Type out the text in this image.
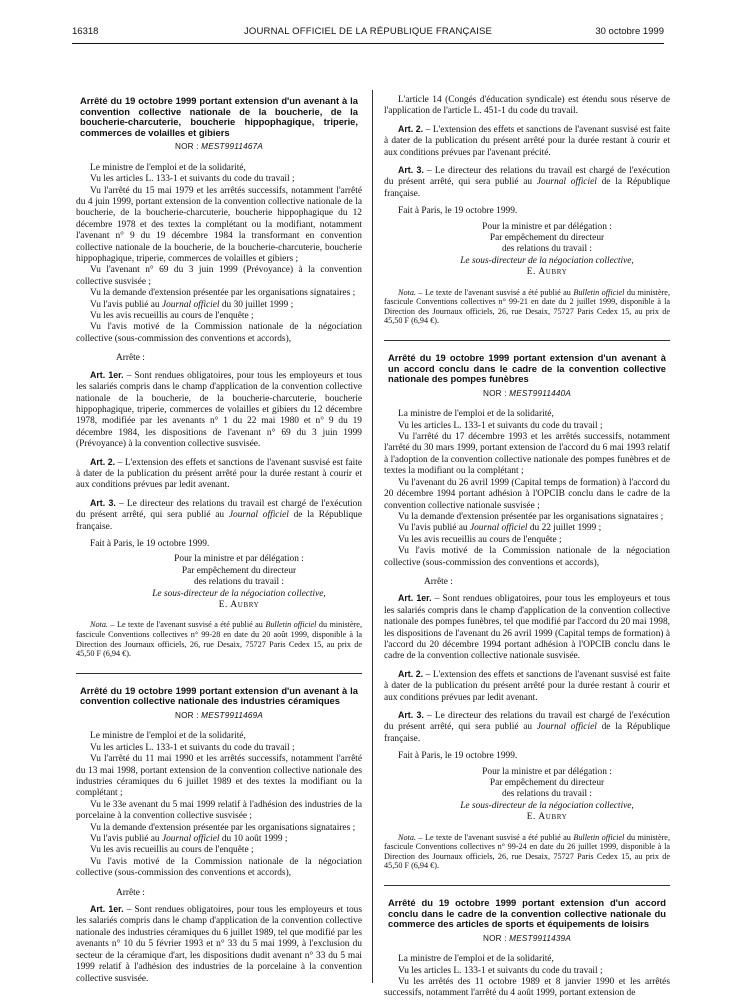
16318	JOURNAL OFFICIEL DE LA RÉPUBLIQUE FRANÇAISE	30 octobre 1999
Arrêté du 19 octobre 1999 portant extension d'un avenant à la convention collective nationale de la boucherie, de la boucherie-charcuterie, boucherie hippophagique, triperie, commerces de volailles et gibiers
NOR : MEST9911467A

Le ministre de l'emploi et de la solidarité,

Vu les articles L. 133-1 et suivants du code du travail ;

Vu l'arrêté du 15 mai 1979 et les arrêtés successifs, notamment l'arrêté du 4 juin 1999, portant extension de la convention collective nationale de la boucherie, de la boucherie-charcuterie, boucherie hippophagique du 12 décembre 1978 et des textes la complétant ou la modifiant, notamment l'avenant n° 9 du 19 décembre 1984 la transformant en convention collective nationale de la boucherie, de la boucherie-charcuterie, boucherie hippophagique, triperie, commerces de volailles et gibiers ;

Vu l'avenant n° 69 du 3 juin 1999 (Prévoyance) à la convention collective susvisée ;

Vu la demande d'extension présentée par les organisations signataires ;

Vu l'avis publié au Journal officiel du 30 juillet 1999 ;

Vu les avis recueillis au cours de l'enquête ;

Vu l'avis motivé de la Commission nationale de la négociation collective (sous-commission des conventions et accords),

Arrête :

Art. 1er. – Sont rendues obligatoires, pour tous les employeurs et tous les salariés compris dans le champ d'application de la convention collective nationale de la boucherie, de la boucherie-charcuterie, boucherie hippophagique, triperie, commerces de volailles et gibiers du 12 décembre 1978, modifiée par les avenants n° 1 du 22 mai 1980 et n° 9 du 19 décembre 1984, les dispositions de l'avenant n° 69 du 3 juin 1999 (Prévoyance) à la convention collective susvisée.

Art. 2. – L'extension des effets et sanctions de l'avenant susvisé est faite à dater de la publication du présent arrêté pour la durée restant à courir et aux conditions prévues par ledit avenant.

Art. 3. – Le directeur des relations du travail est chargé de l'exécution du présent arrêté, qui sera publié au Journal officiel de la République française.

Fait à Paris, le 19 octobre 1999.

Pour la ministre et par délégation :
Par empêchement du directeur
des relations du travail :
Le sous-directeur de la négociation collective,
E. Aubry

Nota. – Le texte de l'avenant susvisé a été publié au Bulletin officiel du ministère, fascicule Conventions collectives n° 99-28 en date du 20 août 1999, disponible à la Direction des Journaux officiels, 26, rue Desaix, 75727 Paris Cedex 15, au prix de 45,50 F (6,94 €).

Arrêté du 19 octobre 1999 portant extension d'un avenant à la convention collective nationale des industries céramiques
NOR : MEST9911469A

Le ministre de l'emploi et de la solidarité,

Vu les articles L. 133-1 et suivants du code du travail ;

Vu l'arrêté du 11 mai 1990 et les arrêtés successifs, notamment l'arrêté du 13 mai 1998, portant extension de la convention collective nationale des industries céramiques du 6 juillet 1989 et des textes la modifiant ou la complétant ;

Vu le 33e avenant du 5 mai 1999 relatif à l'adhésion des industries de la porcelaine à la convention collective susvisée ;

Vu la demande d'extension présentée par les organisations signataires ;

Vu l'avis publié au Journal officiel du 10 août 1999 ;

Vu les avis recueillis au cours de l'enquête ;

Vu l'avis motivé de la Commission nationale de la négociation collective (sous-commission des conventions et accords),

Arrête :

Art. 1er. – Sont rendues obligatoires, pour tous les employeurs et tous les salariés compris dans le champ d'application de la convention collective nationale des industries céramiques du 6 juillet 1989, tel que modifié par les avenants n° 10 du 5 février 1993 et n° 33 du 5 mai 1999, à l'exclusion du secteur de la céramique d'art, les dispositions dudit avenant n° 33 du 5 mai 1999 relatif à l'adhésion des industries de la porcelaine à la convention collective susvisée.

L'article 14 (Congés d'éducation syndicale) est étendu sous réserve de l'application de l'article L. 451-1 du code du travail.

Art. 2. – L'extension des effets et sanctions de l'avenant susvisé est faite à dater de la publication du présent arrêté pour la durée restant à courir et aux conditions prévues par l'avenant précité.

Art. 3. – Le directeur des relations du travail est chargé de l'exécution du présent arrêté, qui sera publié au Journal officiel de la République française.

Fait à Paris, le 19 octobre 1999.

Pour la ministre et par délégation :
Par empêchement du directeur
des relations du travail :
Le sous-directeur de la négociation collective,
E. Aubry

Nota. – Le texte de l'avenant susvisé a été publié au Bulletin officiel du ministère, fascicule Conventions collectives n° 99-21 en date du 2 juillet 1999, disponible à la Direction des Journaux officiels, 26, rue Desaix, 75727 Paris Cedex 15, au prix de 45,50 F (6,94 €).

Arrêté du 19 octobre 1999 portant extension d'un avenant à un accord conclu dans le cadre de la convention collective nationale des pompes funèbres
NOR : MEST9911440A

La ministre de l'emploi et de la solidarité,

Vu les articles L. 133-1 et suivants du code du travail ;

Vu l'arrêté du 17 décembre 1993 et les arrêtés successifs, notamment l'arrêté du 30 mars 1999, portant extension de l'accord du 6 mai 1993 relatif à l'adoption de la convention collective nationale des pompes funèbres et de textes la modifiant ou la complétant ;

Vu l'avenant du 26 avril 1999 (Capital temps de formation) à l'accord du 20 décembre 1994 portant adhésion à l'OPCIB conclu dans le cadre de la convention collective nationale susvisée ;

Vu la demande d'extension présentée par les organisations signataires ;

Vu l'avis publié au Journal officiel du 22 juillet 1999 ;

Vu les avis recueillis au cours de l'enquête ;

Vu l'avis motivé de la Commission nationale de la négociation collective (sous-commission des conventions et accords),

Arrête :

Art. 1er. – Sont rendues obligatoires, pour tous les employeurs et tous les salariés compris dans le champ d'application de la convention collective nationale des pompes funèbres, tel que modifié par l'accord du 20 mai 1998, les dispositions de l'avenant du 26 avril 1999 (Capital temps de formation) à l'accord du 20 décembre 1994 portant adhésion à l'OPCIB conclu dans le cadre de la convention collective nationale susvisée.

Art. 2. – L'extension des effets et sanctions de l'avenant susvisé est faite à dater de la publication du présent arrêté pour la durée restant à courir et aux conditions prévues par ledit avenant.

Art. 3. – Le directeur des relations du travail est chargé de l'exécution du présent arrêté, qui sera publié au Journal officiel de la République française.

Fait à Paris, le 19 octobre 1999.

Pour la ministre et par délégation :
Par empêchement du directeur
des relations du travail :
Le sous-directeur de la négociation collective,
E. Aubry

Nota. – Le texte de l'avenant susvisé a été publié au Bulletin officiel du ministère, fascicule Conventions collectives n° 99-24 en date du 26 juillet 1999, disponible à la Direction des Journaux officiels, 26, rue Desaix, 75727 Paris Cedex 15, au prix de 45,50 F (6,94 €).

Arrêté du 19 octobre 1999 portant extension d'un accord conclu dans le cadre de la convention collective nationale du commerce des articles de sports et équipements de loisirs
NOR : MEST9911439A

La ministre de l'emploi et de la solidarité,

Vu les articles L. 133-1 et suivants du code du travail ;

Vu les arrêtés des 11 octobre 1989 et 8 janvier 1990 et les arrêtés successifs, notamment l'arrêté du 4 août 1999, portant extension de
